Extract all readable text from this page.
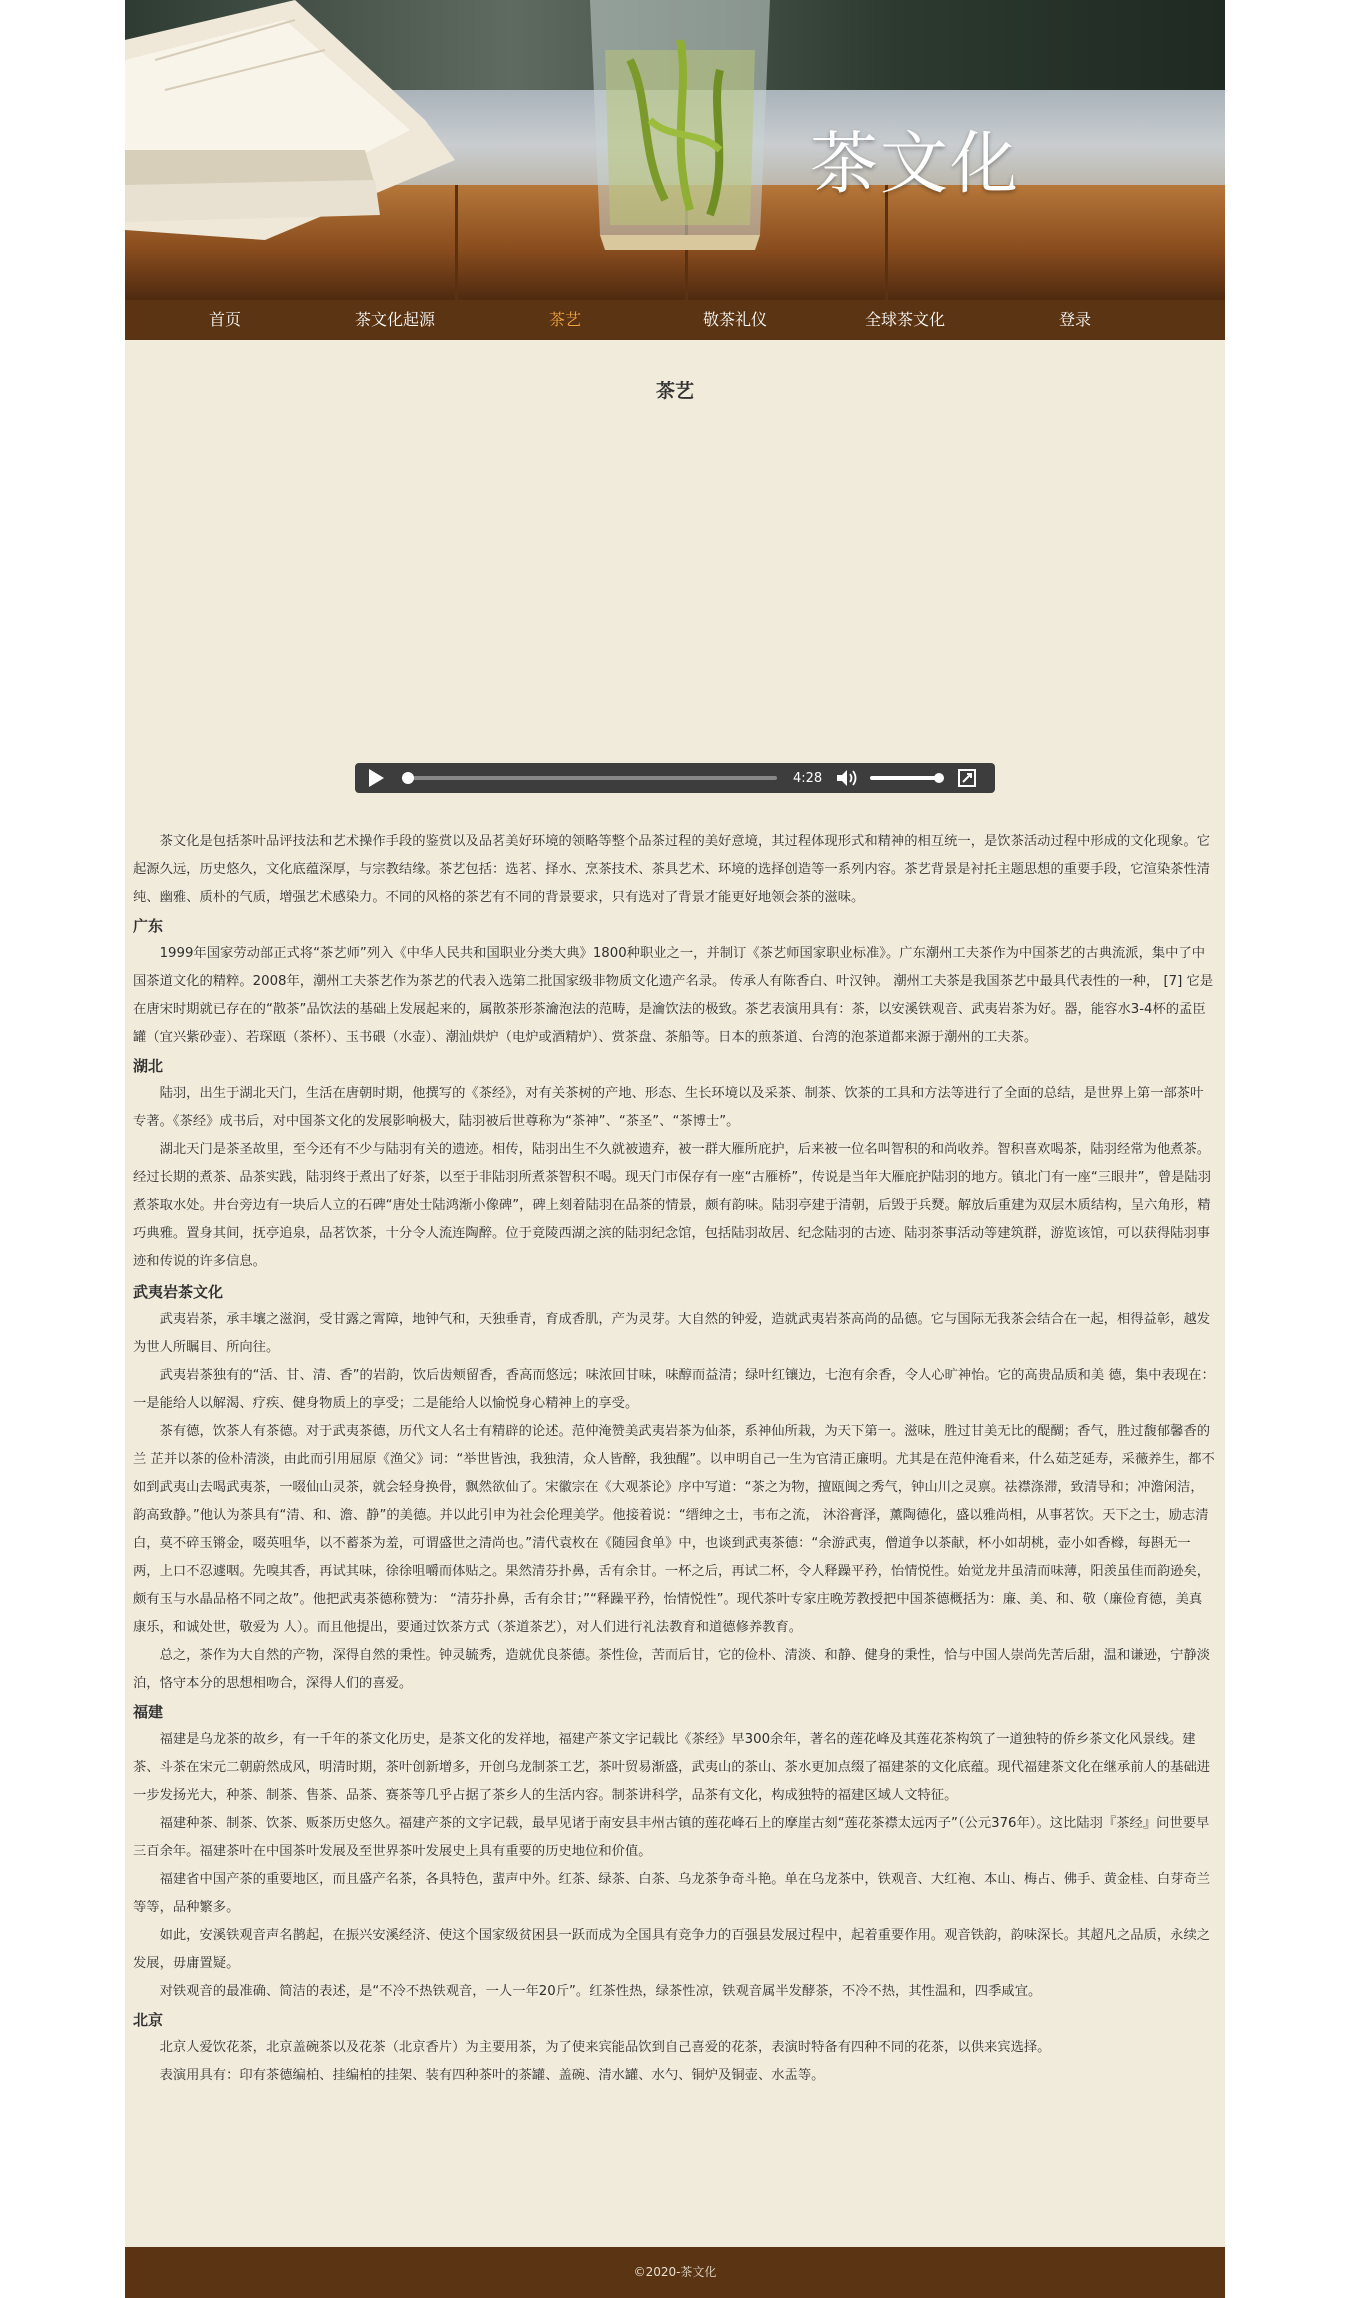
茶文化
首页	茶文化起源	茶艺	敬茶礼仪	全球茶文化	登录
茶艺
4:28

茶文化是包括茶叶品评技法和艺术操作手段的鉴赏以及品茗美好环境的领略等整个品茶过程的美好意境，其过程体现形式和精神的相互统一，是饮茶活动过程中形成的文化现象。它起源久远，历史悠久，文化底蕴深厚，与宗教结缘。茶艺包括：选茗、择水、烹茶技术、茶具艺术、环境的选择创造等一系列内容。茶艺背景是衬托主题思想的重要手段，它渲染茶性清纯、幽雅、质朴的气质，增强艺术感染力。不同的风格的茶艺有不同的背景要求，只有选对了背景才能更好地领会茶的滋味。

广东

1999年国家劳动部正式将“茶艺师”列入《中华人民共和国职业分类大典》1800种职业之一，并制订《茶艺师国家职业标准》。广东潮州工夫茶作为中国茶艺的古典流派，集中了中国茶道文化的精粹。2008年，潮州工夫茶艺作为茶艺的代表入选第二批国家级非物质文化遗产名录。 传承人有陈香白、叶汉钟。 潮州工夫茶是我国茶艺中最具代表性的一种， [7] 它是在唐宋时期就已存在的“散茶”品饮法的基础上发展起来的，属散茶形茶瀹泡法的范畴，是瀹饮法的极致。茶艺表演用具有：茶，以安溪铁观音、武夷岩茶为好。器，能容水3-4杯的孟臣罐（宜兴紫砂壶）、若琛瓯（茶杯）、玉书碨（水壶）、潮汕烘炉（电炉或酒精炉）、赏茶盘、茶船等。日本的煎茶道、台湾的泡茶道都来源于潮州的工夫茶。

湖北

陆羽，出生于湖北天门，生活在唐朝时期，他撰写的《茶经》，对有关茶树的产地、形态、生长环境以及采茶、制茶、饮茶的工具和方法等进行了全面的总结，是世界上第一部茶叶专著。《茶经》成书后，对中国茶文化的发展影响极大，陆羽被后世尊称为“茶神”、“茶圣”、“茶博士”。

湖北天门是茶圣故里，至今还有不少与陆羽有关的遗迹。相传，陆羽出生不久就被遗弃，被一群大雁所庇护，后来被一位名叫智积的和尚收养。智积喜欢喝茶，陆羽经常为他煮茶。经过长期的煮茶、品茶实践，陆羽终于煮出了好茶，以至于非陆羽所煮茶智积不喝。现天门市保存有一座“古雁桥”，传说是当年大雁庇护陆羽的地方。镇北门有一座“三眼井”，曾是陆羽煮茶取水处。井台旁边有一块后人立的石碑“唐处士陆鸿渐小像碑”，碑上刻着陆羽在品茶的情景，颇有韵味。陆羽亭建于清朝，后毁于兵燹。解放后重建为双层木质结构，呈六角形，精巧典雅。置身其间，抚亭追泉，品茗饮茶，十分令人流连陶醉。位于竟陵西湖之滨的陆羽纪念馆，包括陆羽故居、纪念陆羽的古迹、陆羽茶事活动等建筑群，游览该馆，可以获得陆羽事迹和传说的许多信息。

武夷岩茶文化

武夷岩茶，承丰壤之滋润，受甘露之霄障，地钟气和，天独垂青，育成香肌，产为灵芽。大自然的钟爱，造就武夷岩茶高尚的品德。它与国际无我茶会结合在一起，相得益彰，越发为世人所瞩目、所向往。

武夷岩茶独有的“活、甘、清、香”的岩韵，饮后齿颊留香，香高而悠远；味浓回甘味，味醇而益清；绿叶红镶边，七泡有余香，令人心旷神怡。它的高贵品质和美 德，集中表现在：一是能给人以解渴、疗疾、健身物质上的享受；二是能给人以愉悦身心精神上的享受。

茶有德，饮茶人有茶德。对于武夷茶德，历代文人名士有精辟的论述。范仲淹赞美武夷岩茶为仙茶，系神仙所栽，为天下第一。滋味，胜过甘美无比的醍醐；香气，胜过馥郁馨香的兰 芷并以茶的俭朴清淡，由此而引用屈原《渔父》词：“举世皆浊，我独清，众人皆醉，我独醒”。以申明自己一生为官清正廉明。尤其是在范仲淹看来，什么茹芝延寿，采薇养生，都不如到武夷山去喝武夷茶，一啜仙山灵茶，就会轻身换骨，飘然欲仙了。宋徽宗在《大观茶论》序中写道：“茶之为物，擅瓯闽之秀气，钟山川之灵禀。祛襟涤滞，致清导和；冲澹闲洁，韵高致静。”他认为茶具有“清、和、澹、静”的美德。并以此引申为社会伦理美学。他接着说：“缙绅之士，韦布之流， 沐浴膏泽，薰陶德化，盛以雅尚相，从事茗饮。天下之士，励志清白，莫不碎玉锵金，啜英咀华，以不蓄茶为羞，可谓盛世之清尚也。”清代袁枚在《随园食单》中，也谈到武夷茶德：“余游武夷，僧道争以茶献，杯小如胡桃，壶小如香橼，每斟无一两，上口不忍遽咽。先嗅其香，再试其味，徐徐咀嚼而体贴之。果然清芬扑鼻，舌有余甘。一杯之后，再试二杯，令人释躁平矜，怡情悦性。始觉龙井虽清而味薄，阳羡虽佳而韵逊矣，颇有玉与水晶品格不同之故”。他把武夷茶德称赞为： “清芬扑鼻，舌有余甘；”“释躁平矜，怡情悦性”。现代茶叶专家庄晚芳教授把中国茶德概括为：廉、美、和、敬（廉俭育德，美真康乐，和诚处世，敬爱为 人）。而且他提出，要通过饮茶方式（茶道茶艺），对人们进行礼法教育和道德修养教育。

总之，茶作为大自然的产物，深得自然的秉性。钟灵毓秀，造就优良茶德。茶性俭，苦而后甘，它的俭朴、清淡、和静、健身的秉性，恰与中国人崇尚先苦后甜，温和谦逊，宁静淡泊，恪守本分的思想相吻合，深得人们的喜爱。

福建

福建是乌龙茶的故乡，有一千年的茶文化历史，是茶文化的发祥地，福建产茶文字记载比《茶经》早300余年，著名的莲花峰及其莲花茶构筑了一道独特的侨乡茶文化风景线。建茶、斗茶在宋元二朝蔚然成风，明清时期，茶叶创新增多，开创乌龙制茶工艺，茶叶贸易渐盛，武夷山的茶山、茶水更加点缀了福建茶的文化底蕴。现代福建茶文化在继承前人的基础进一步发扬光大，种茶、制茶、售茶、品茶、赛茶等几乎占据了茶乡人的生活内容。制茶讲科学，品茶有文化，构成独特的福建区域人文特征。

福建种茶、制茶、饮茶、贩茶历史悠久。福建产茶的文字记载，最早见诸于南安县丰州古镇的莲花峰石上的摩崖古刻“莲花茶襟太远丙子”（公元376年）。这比陆羽『茶经』问世要早三百余年。福建茶叶在中国茶叶发展及至世界茶叶发展史上具有重要的历史地位和价值。

福建省中国产茶的重要地区，而且盛产名茶，各具特色，蜚声中外。红茶、绿茶、白茶、乌龙茶争奇斗艳。单在乌龙茶中，铁观音、大红袍、本山、梅占、佛手、黄金桂、白芽奇兰等等，品种繁多。

如此，安溪铁观音声名鹊起，在振兴安溪经济、使这个国家级贫困县一跃而成为全国具有竞争力的百强县发展过程中，起着重要作用。观音铁韵，韵味深长。其超凡之品质，永续之发展，毋庸置疑。

对铁观音的最准确、简洁的表述，是“不冷不热铁观音，一人一年20斤”。红茶性热，绿茶性凉，铁观音属半发酵茶，不冷不热，其性温和，四季咸宜。

北京

北京人爱饮花茶，北京盖碗茶以及花茶（北京香片）为主要用茶，为了使来宾能品饮到自己喜爱的花茶，表演时特备有四种不同的花茶，以供来宾选择。

表演用具有：印有茶德编柏、挂编柏的挂架、装有四种茶叶的茶罐、盖碗、清水罐、水勺、铜炉及铜壶、水盂等。

©2020-茶文化
